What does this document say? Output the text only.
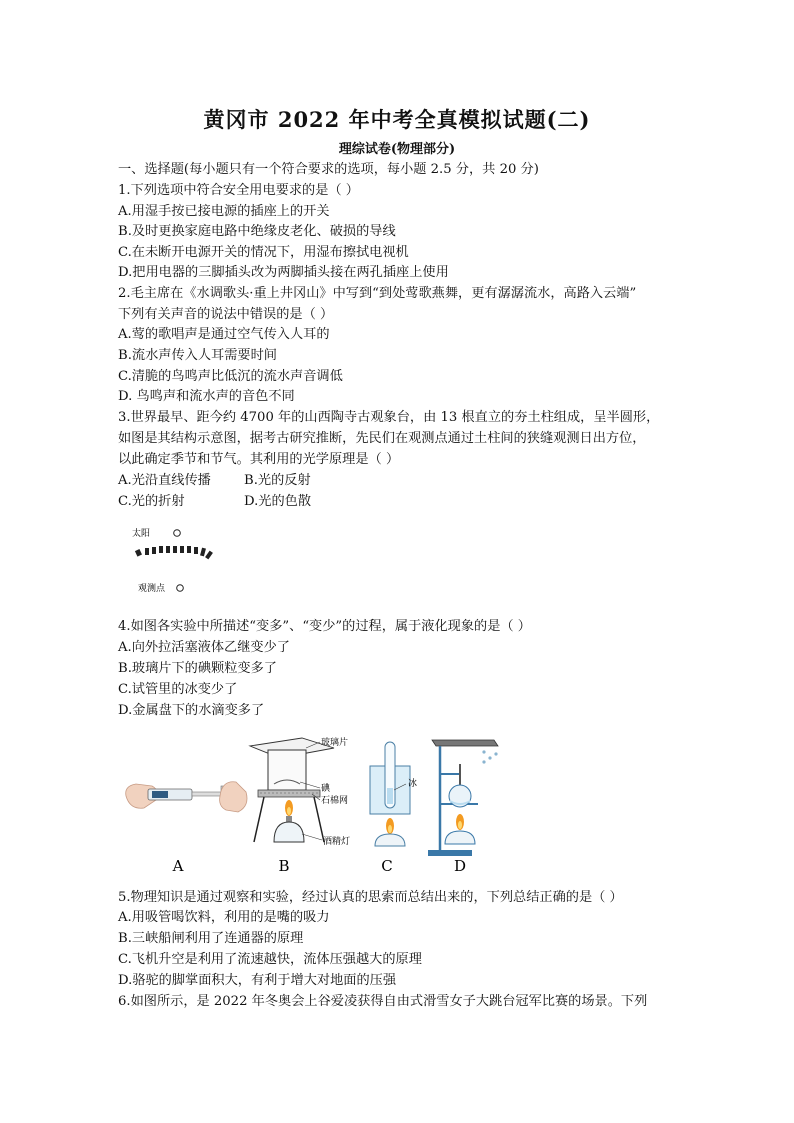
黄冈市 2022 年中考全真模拟试题(二)
理综试卷(物理部分)
一、选择题(每小题只有一个符合要求的选项，每小题 2.5 分，共 20 分)
1.下列选项中符合安全用电要求的是（ ）
A.用湿手按已接电源的插座上的开关
B.及时更换家庭电路中绝缘皮老化、破损的导线
C.在未断开电源开关的情况下，用湿布擦拭电视机
D.把用电器的三脚插头改为两脚插头接在两孔插座上使用
2.毛主席在《水调歌头·重上井冈山》中写到“到处莺歌燕舞，更有潺潺流水，高路入云端”
下列有关声音的说法中错误的是（ ）
A.莺的歌唱声是通过空气传入人耳的
B.流水声传入人耳需要时间
C.清脆的鸟鸣声比低沉的流水声音调低
D. 鸟鸣声和流水声的音色不同
3.世界最早、距今约 4700 年的山西陶寺古观象台，由 13 根直立的夯土柱组成，呈半圆形，
如图是其结构示意图，据考古研究推断，先民们在观测点通过土柱间的狭缝观测日出方位，
以此确定季节和节气。其利用的光学原理是（ ）
A.光沿直线传播	B.光的反射
C.光的折射	D.光的色散
太阳
观测点
4.如图各实验中所描述“变多”、“变少”的过程，属于液化现象的是（ ）
A.向外拉活塞液体乙继变少了
B.玻璃片下的碘颗粒变多了
C.试管里的冰变少了
D.金属盘下的水滴变多了
玻璃片
碘
石棉网
酒精灯
冰
A	B	C	D
5.物理知识是通过观察和实验，经过认真的思索而总结出来的，下列总结正确的是（ ）
A.用吸管喝饮料，利用的是嘴的吸力
B.三峡船闸利用了连通器的原理
C.飞机升空是利用了流速越快，流体压强越大的原理
D.骆驼的脚掌面积大，有利于增大对地面的压强
6.如图所示，是 2022 年冬奥会上谷爱凌获得自由式滑雪女子大跳台冠军比赛的场景。下列
